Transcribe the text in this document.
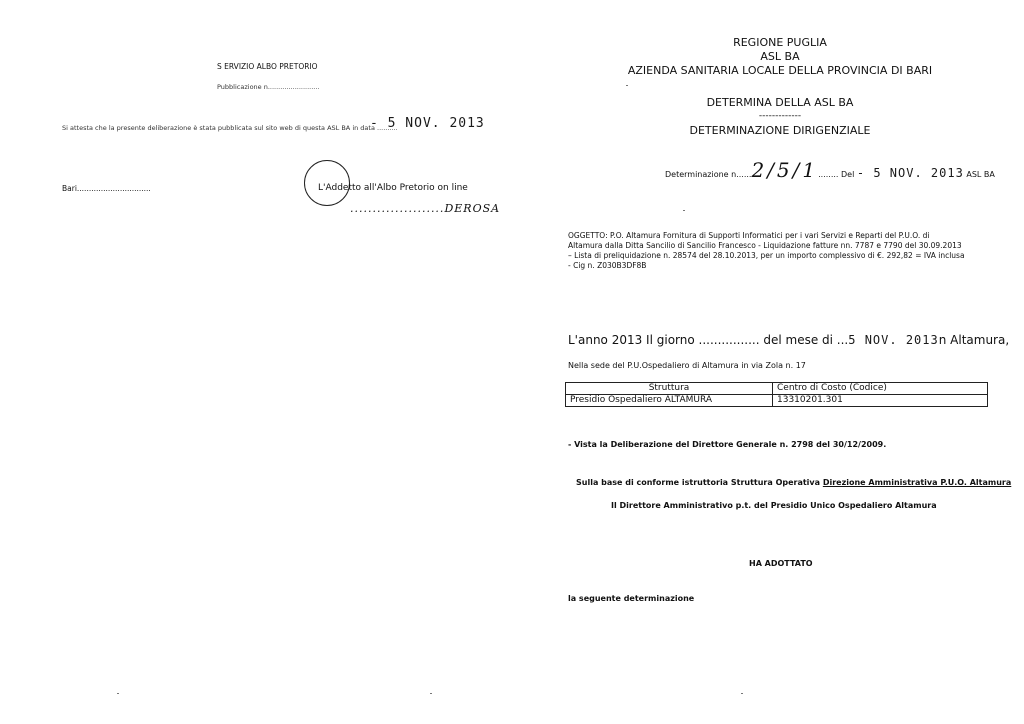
S ERVIZIO ALBO PRETORIO
Pubblicazione n.........................
Si attesta che la presente deliberazione è stata pubblicata sul sito web di questa ASL BA in data ..........
- 5 NOV. 2013
Bari...............................	L'Addetto all'Albo Pretorio on line
.....................DEROSA
REGIONE PUGLIA
ASL BA
AZIENDA SANITARIA LOCALE DELLA PROVINCIA DI BARI
DETERMINA DELLA ASL BA
-------------
DETERMINAZIONE DIRIGENZIALE
Determinazione n......2/5/1........ Del - 5 NOV. 2013 ASL BA
OGGETTO: P.O. Altamura Fornitura di Supporti Informatici per i vari Servizi e Reparti del P.U.O. di
Altamura dalla Ditta Sancilio di Sancilio Francesco - Liquidazione fatture nn. 7787 e 7790 del 30.09.2013
– Lista di preliquidazione n. 28574 del 28.10.2013, per un importo complessivo di €. 292,82 = IVA inclusa
- Cig n. Z030B3DF8B
L'anno 2013 Il giorno ................ del mese di ...5 NOV. 2013n Altamura,
Nella sede del P.U.Ospedaliero di Altamura in via Zola n. 17
Struttura	Centro di Costo (Codice)
Presidio Ospedaliero ALTAMURA	13310201.301
- Vista la Deliberazione del Direttore Generale n. 2798 del 30/12/2009.
Sulla base di conforme istruttoria Struttura Operativa Direzione Amministrativa P.U.O. Altamura
Il Direttore Amministrativo p.t. del Presidio Unico Ospedaliero Altamura
HA ADOTTATO
la seguente determinazione
